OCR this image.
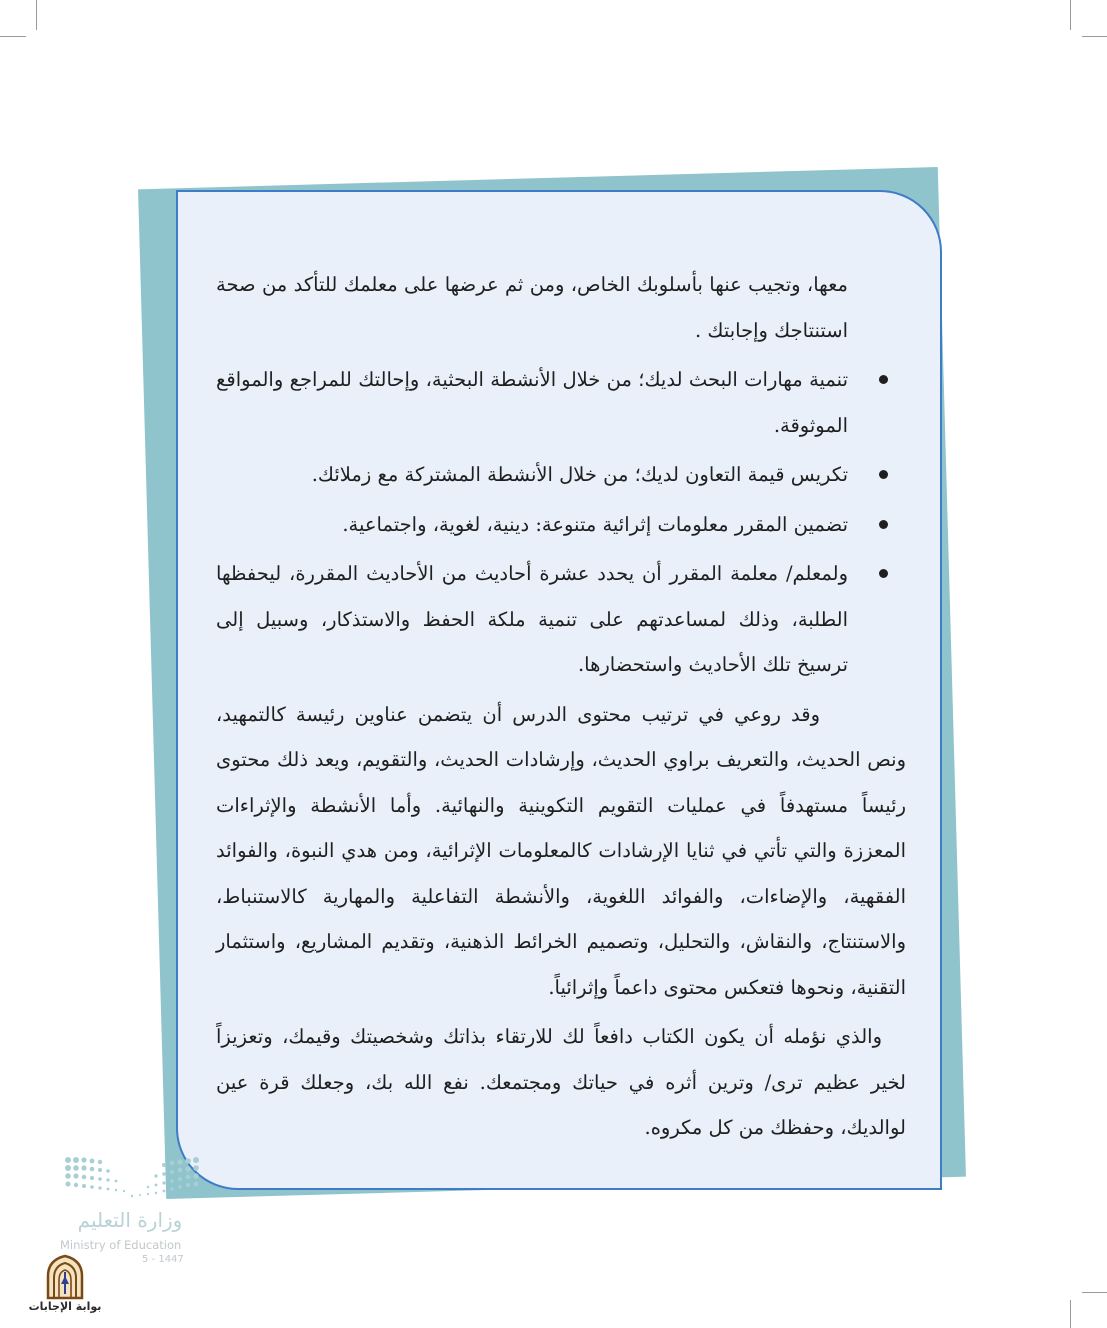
معها، وتجيب عنها بأسلوبك الخاص، ومن ثم عرضها على معلمك للتأكد من صحة استنتاجك وإجابتك .

تنمية مهارات البحث لديك؛ من خلال الأنشطة البحثية، وإحالتك للمراجع والمواقع الموثوقة.
تكريس قيمة التعاون لديك؛ من خلال الأنشطة المشتركة مع زملائك.
تضمين المقرر معلومات إثرائية متنوعة: دينية، لغوية، واجتماعية.
ولمعلم/ معلمة المقرر أن يحدد عشرة أحاديث من الأحاديث المقررة، ليحفظها الطلبة، وذلك لمساعدتهم على تنمية ملكة الحفظ والاستذكار، وسبيل إلى ترسيخ تلك الأحاديث واستحضارها.

وقد روعي في ترتيب محتوى الدرس أن يتضمن عناوين رئيسة كالتمهيد، ونص الحديث، والتعريف براوي الحديث، وإرشادات الحديث، والتقويم، ويعد ذلك محتوى رئيساً مستهدفاً في عمليات التقويم التكوينية والنهائية. وأما الأنشطة والإثراءات المعززة والتي تأتي في ثنايا الإرشادات كالمعلومات الإثرائية، ومن هدي النبوة، والفوائد الفقهية، والإضاءات، والفوائد اللغوية، والأنشطة التفاعلية والمهارية كالاستنباط، والاستنتاج، والنقاش، والتحليل، وتصميم الخرائط الذهنية، وتقديم المشاريع، واستثمار التقنية، ونحوها فتعكس محتوى داعماً وإثرائياً.

والذي نؤمله أن يكون الكتاب دافعاً لك للارتقاء بذاتك وشخصيتك وقيمك، وتعزيزاً لخير عظيم ترى/ وترين أثره في حياتك ومجتمعك. نفع الله بك، وجعلك قرة عين لوالديك، وحفظك من كل مكروه.

وزارة التعليم
Ministry of Education
5 - 1447
بوابة الإجابات
